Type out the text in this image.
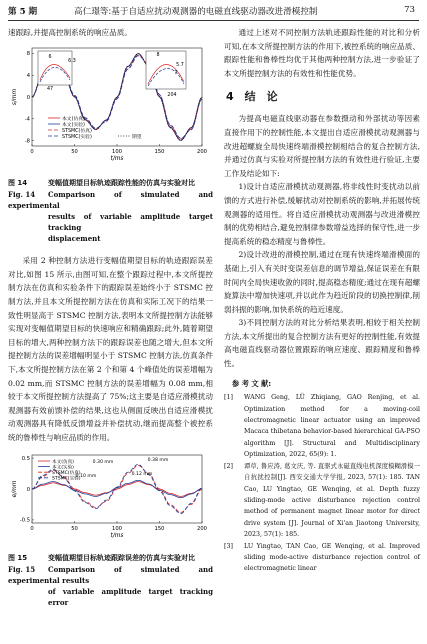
第 5 期	高仁璟等:基于自适应扰动观测器的电磁直线驱动器改进滑模控制	73
速跟踪,并提高控制系统的响应品质。
0	50	100	150	200
-8
-4
0
4
8
t/ms
s/mm
6
6.3
8
5.7
7
47
204
本文(仿真)
本文(实验)
STSMC(仿真)
STSMC(实验)	期望
图 14	变幅值期望目标轨迹跟踪性能的仿真与实验对比
Fig. 14 Comparison of simulated and experimental
results of variable amplitude target tracking
displacement

采用 2 种控制方法进行变幅值期望目标的轨迹跟踪误差对比,如图 15 所示,由图可知,在整个跟踪过程中,本文所提控制方法在仿真和实验条件下的跟踪误差始终小于 STSMC 控制方法,并且本文所提控制方法在仿真和实际工况下的结果一致性明显高于 STSMC 控制方法,表明本文所提控制方法能够实现对变幅值期望目标的快速响应和精确跟踪;此外,随着期望目标的增大,两种控制方法下的跟踪误差也随之增大,但本文所提控制方法的误差增幅明显小于 STSMC 控制方法,仿真条件下,本文所提控制方法在第 2 个和第 4 个峰值处的误差增幅为 0.02 mm,而 STSMC 控制方法的误差增幅为 0.08 mm,相较于本文所提控制方法提高了 75%;这主要是自适应滑模扰动观测器有效前馈补偿的结果,这也从侧面反映出自适应滑模扰动观测器具有降低反馈增益并补偿扰动,继而提高整个被控系统的鲁棒性与响应品质的作用。

0	50	100	150	200
-0.5
0
0.5
t/ms
e/mm
本文(仿真)
本文(实验)
STSMC(仿真)
STSMC(实验)
0.30 mm	0.38 mm
0.10 mm	0.12 mm
图 15	变幅值期望目标轨迹跟踪误差的仿真与实验对比
Fig. 15 Comparison of simulated and experimental results
of variable amplitude target tracking error

通过上述对不同控制方法轨迹跟踪性能的对比和分析可知,在本文所提控制方法的作用下,被控系统的响应品质、跟踪性能和鲁棒性均优于其他两种控制方法,进一步验证了本文所提控制方法的有效性和性能优势。

4　结　论

为提高电磁直线驱动器在参数摄动和外部扰动等因素直接作用下的控制性能,本文提出自适应滑模扰动观测器与改进超螺旋全局快速终端滑模控制相结合的复合控制方法,并通过仿真与实验对所提控制方法的有效性进行验证,主要工作及结论如下:

1)设计自适应滑模扰动观测器,将非线性时变扰动以前馈的方式进行补偿,缓解扰动对控制系统的影响,并拓展传统观测器的适用性。将自适应滑模扰动观测器与改进滑模控制的优势相结合,避免控制律参数增益选择的保守性,进一步提高系统的稳态精度与鲁棒性。

2)设计改进的滑模控制,通过在现有快速终端滑模面的基础上,引入有关时变误差信息的调节增益,保证误差在有限时间内全局快速收敛的同时,提高稳态精度;通过在现有超螺旋算法中增加快速项,并以此作为趋近阶段的切换控制律,削弱抖振的影响,加快系统的趋近速度。

3)不同控制方法的对比分析结果表明,相较于相关控制方法,本文所提出的复合控制方法有更好的控制性能,有效提高电磁直线驱动器位置跟踪的响应速度、跟踪精度和鲁棒性。

参 考 文 献:
[1]	WANG Geng, LÜ Zhiqiang, GAO Renjing, et al. Optimization method for a moving-coil electromagnetic linear actuator using an improved Macaca thibetana behavior-based hierarchical GA-PSO algorithm [J]. Structural and Multidisciplinary Optimization, 2022, 65(9): 1.
[2]	谭草, 鲁应涛, 葛文庆, 等. 直驱式永磁直线电机深度模糊滑模一自抗扰控制[J]. 西安交通大学学报, 2023, 57(1): 185. TAN Cao, LU Yingtao, GE Wenqing, et al. Depth fuzzy sliding-mode active disturbance rejection control method of permanent magnet linear motor for direct drive system [J]. Journal of Xi'an Jiaotong University, 2023, 57(1): 185.
[3]	LU Yingtao, TAN Cao, GE Wenqing, et al. Improved sliding mode-active disturbance rejection control of electromagnetic linear
